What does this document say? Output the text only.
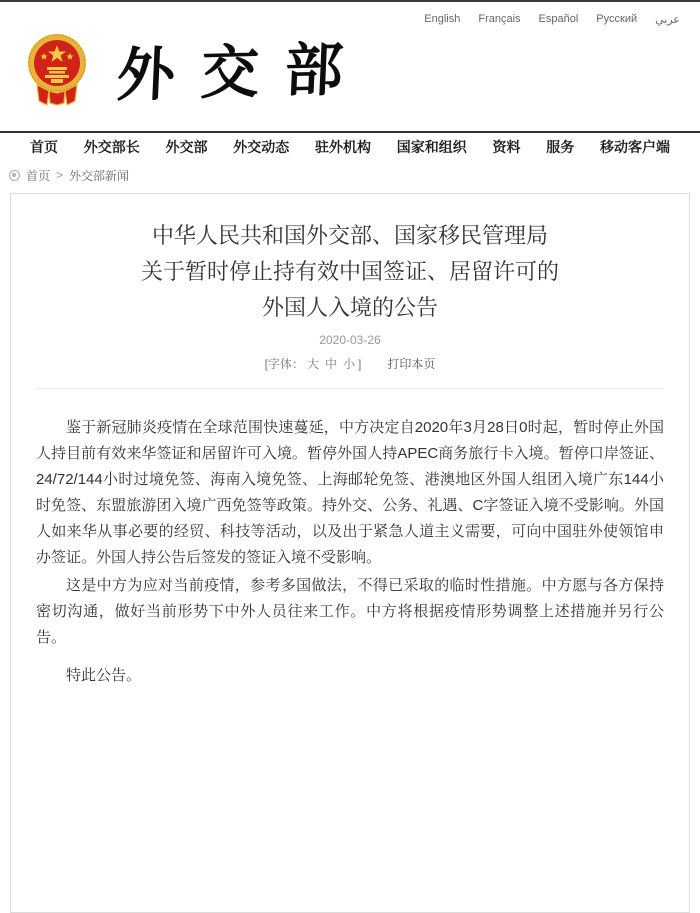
English Français Español Русский عربي
外交部
首页 外交部长 外交部 外交动态 驻外机构 国家和组织 资料 服务 移动客户端
首页 > 外交部新闻
中华人民共和国外交部、国家移民管理局
关于暂时停止持有效中国签证、居留许可的
外国人入境的公告
2020-03-26
[字体： 大 中 小 ] 打印本页

鉴于新冠肺炎疫情在全球范围快速蔓延，中方决定自2020年3月28日0时起，暂时停止外国人持目前有效来华签证和居留许可入境。暂停外国人持APEC商务旅行卡入境。暂停口岸签证、24/72/144小时过境免签、海南入境免签、上海邮轮免签、港澳地区外国人组团入境广东144小时免签、东盟旅游团入境广西免签等政策。持外交、公务、礼遇、C字签证入境不受影响。外国人如来华从事必要的经贸、科技等活动，以及出于紧急人道主义需要，可向中国驻外使领馆申办签证。外国人持公告后签发的签证入境不受影响。

这是中方为应对当前疫情，参考多国做法，不得已采取的临时性措施。中方愿与各方保持密切沟通，做好当前形势下中外人员往来工作。中方将根据疫情形势调整上述措施并另行公告。

特此公告。
